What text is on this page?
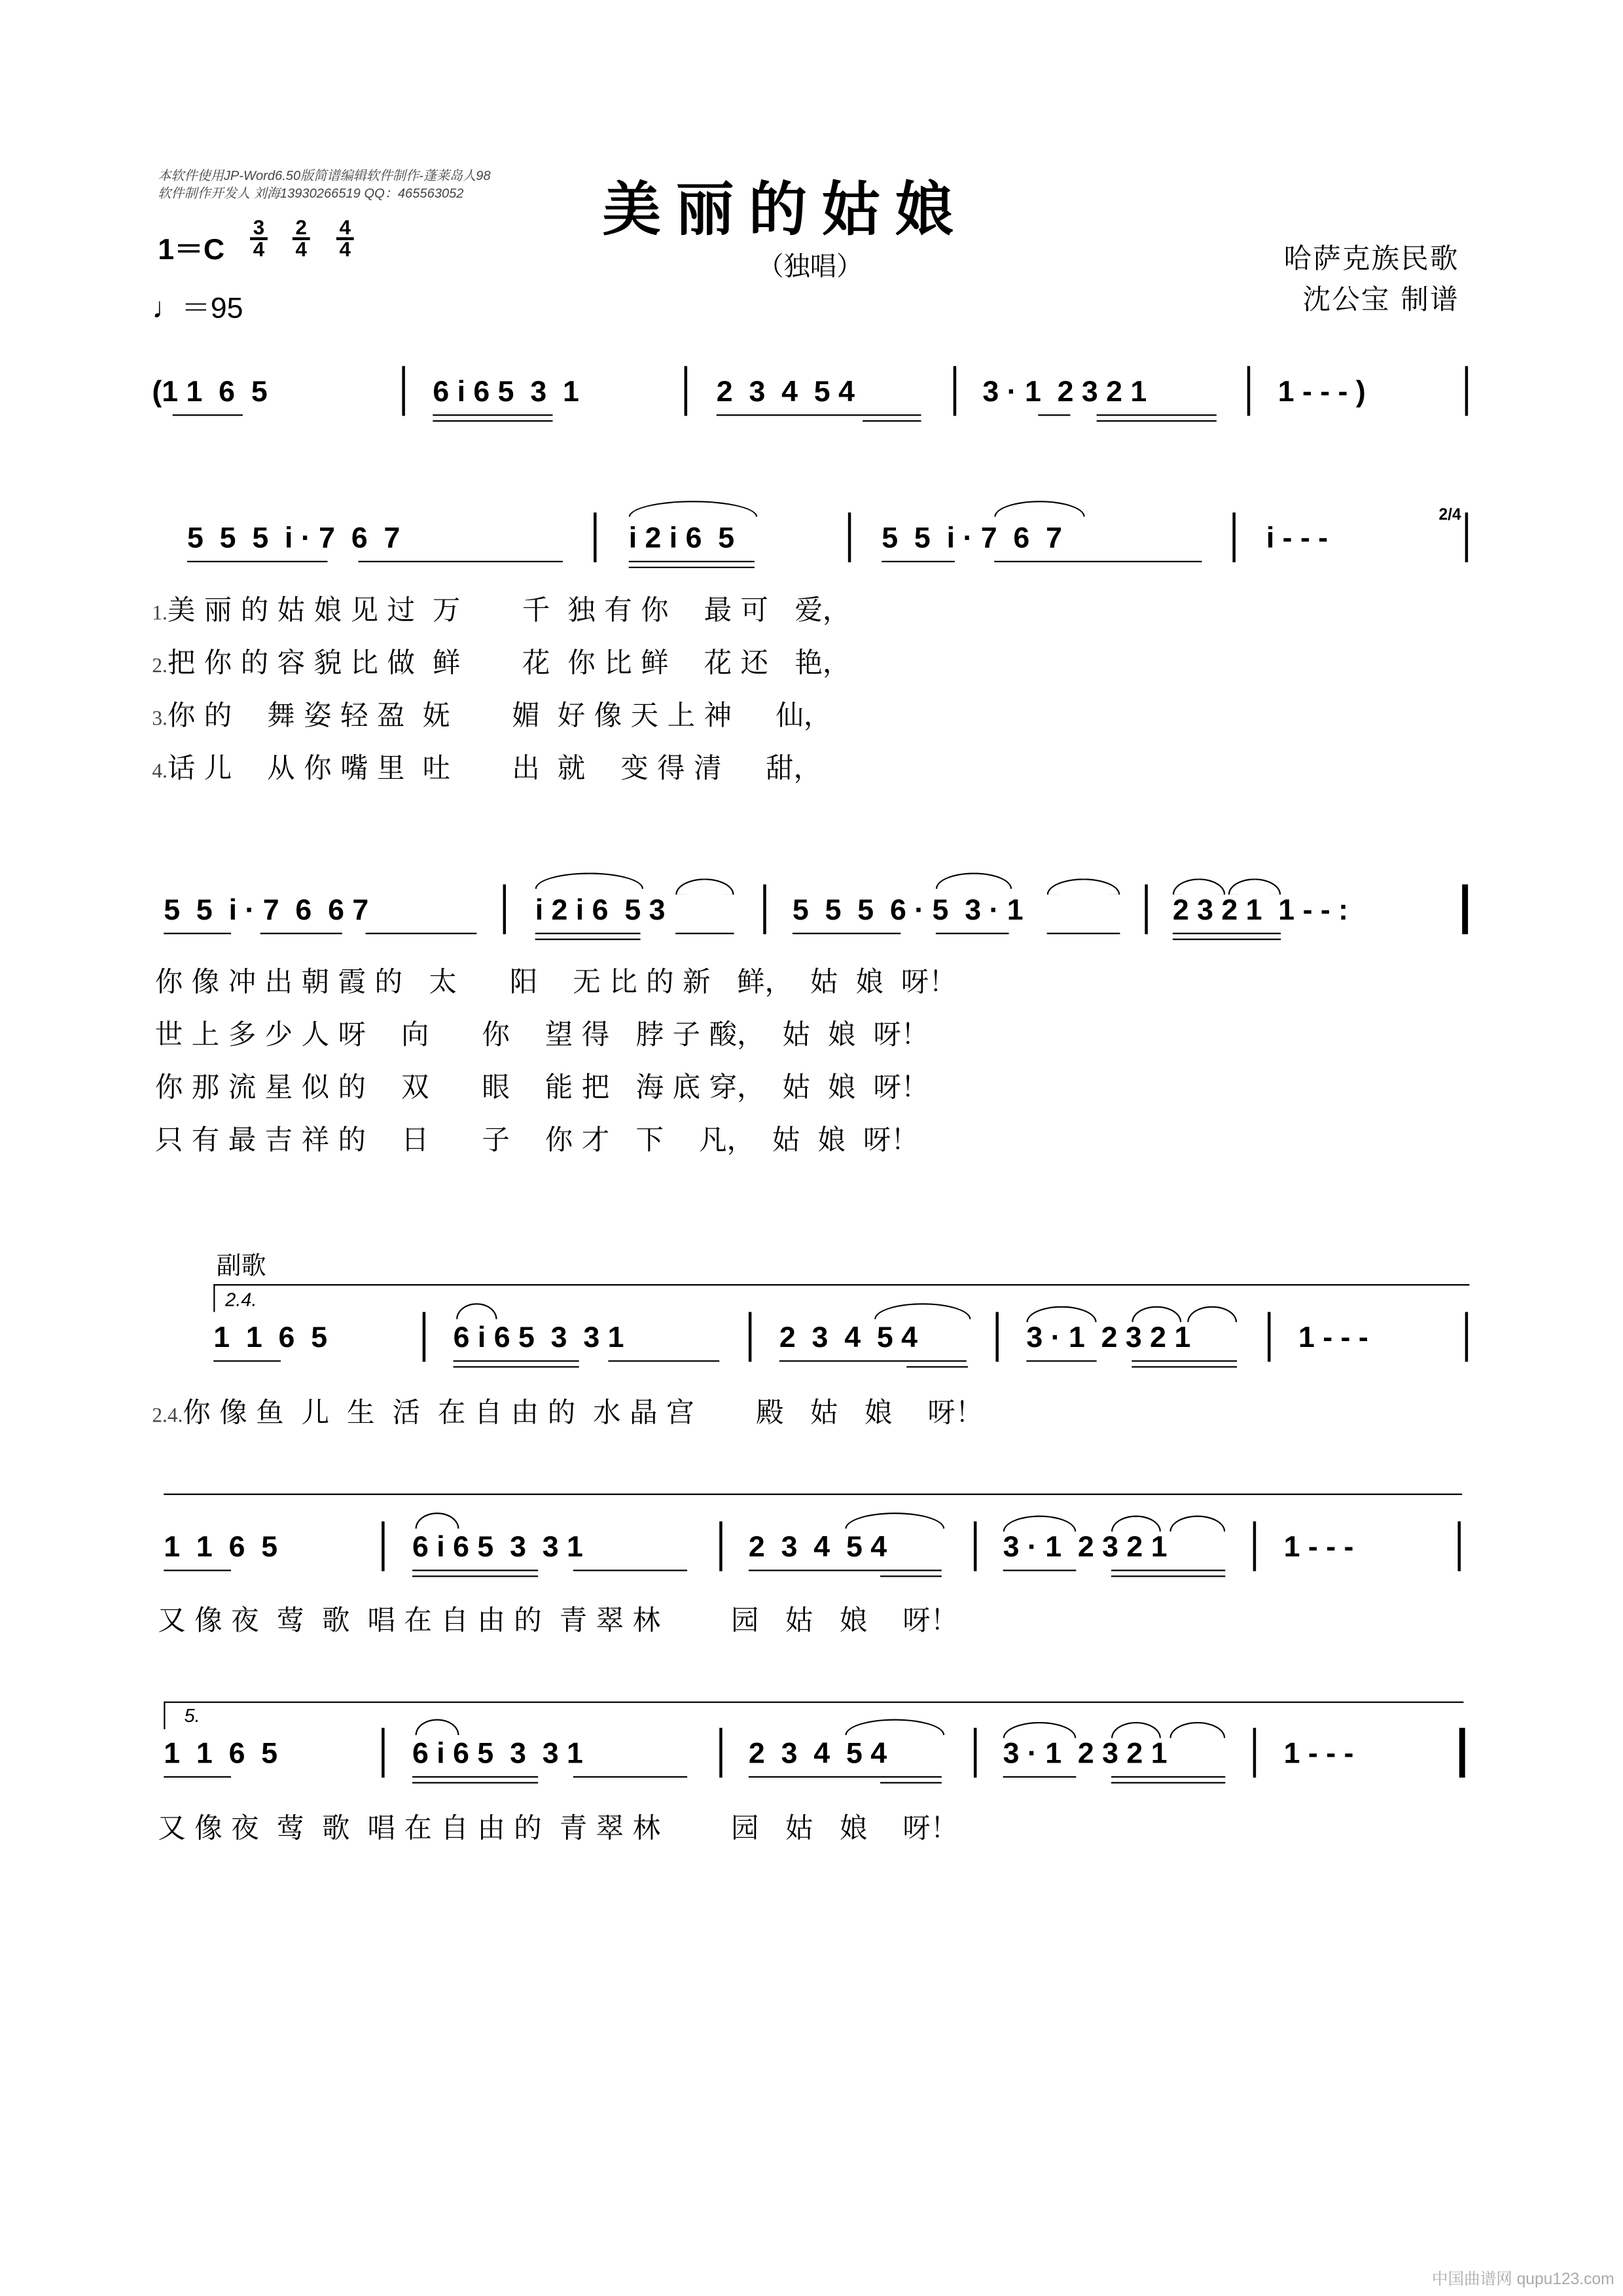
本软件使用JP-Word6.50版简谱编辑软件制作-蓬莱岛人98
软件制作开发人 刘海13930266519 QQ：465563052	美丽的姑娘
（独唱）	哈萨克族民歌
沈公宝 制谱
1＝C
3
4
2
4
4
4
♩＝95
(1 1  6  5	6 i 6 5  3  1	2  3  4  5 4	3 · 1  2 3 2 1	1 - - - )
5  5  5  i · 7  6  7	i 2 i 6  5	5  5  i · 7  6  7	i - - -
2/4
1.美 丽 的 姑 娘 见 过  万       千  独 有 你    最 可   爱，
2.把 你 的 容 貌 比 做  鲜       花  你 比 鲜    花 还   艳，
3.你 的    舞 姿 轻 盈  妩       媚  好 像 天 上 神     仙，
4.话 儿    从 你 嘴 里  吐       出  就    变 得 清     甜，
5  5  i · 7  6  6 7	i 2 i 6  5 3	5  5  5  6 · 5  3 · 1	2 3 2 1  1 - - :
你 像 冲 出 朝 霞 的   太      阳    无 比 的 新   鲜，  姑  娘  呀！
世 上 多 少 人 呀    向      你    望 得   脖 子 酸，  姑  娘  呀！
你 那 流 星 似 的    双      眼    能 把   海 底 穿，  姑  娘  呀！
只 有 最 吉 祥 的    日      子    你 才   下    凡，  姑  娘  呀！
副歌
2.4.
1  1  6  5	6 i 6 5  3  3 1	2  3  4  5 4	3 · 1  2 3 2 1	1 - - -
2.4.你 像 鱼  儿  生  活  在 自 由 的  水 晶 宫       殿   姑   娘    呀！
1  1  6  5	6 i 6 5  3  3 1	2  3  4  5 4	3 · 1  2 3 2 1	1 - - -
又 像 夜  莺  歌  唱 在 自 由 的  青 翠 林        园   姑   娘    呀！
5.
1  1  6  5	6 i 6 5  3  3 1	2  3  4  5 4	3 · 1  2 3 2 1	1 - - -
又 像 夜  莺  歌  唱 在 自 由 的  青 翠 林        园   姑   娘    呀！
中国曲谱网 qupu123.com
